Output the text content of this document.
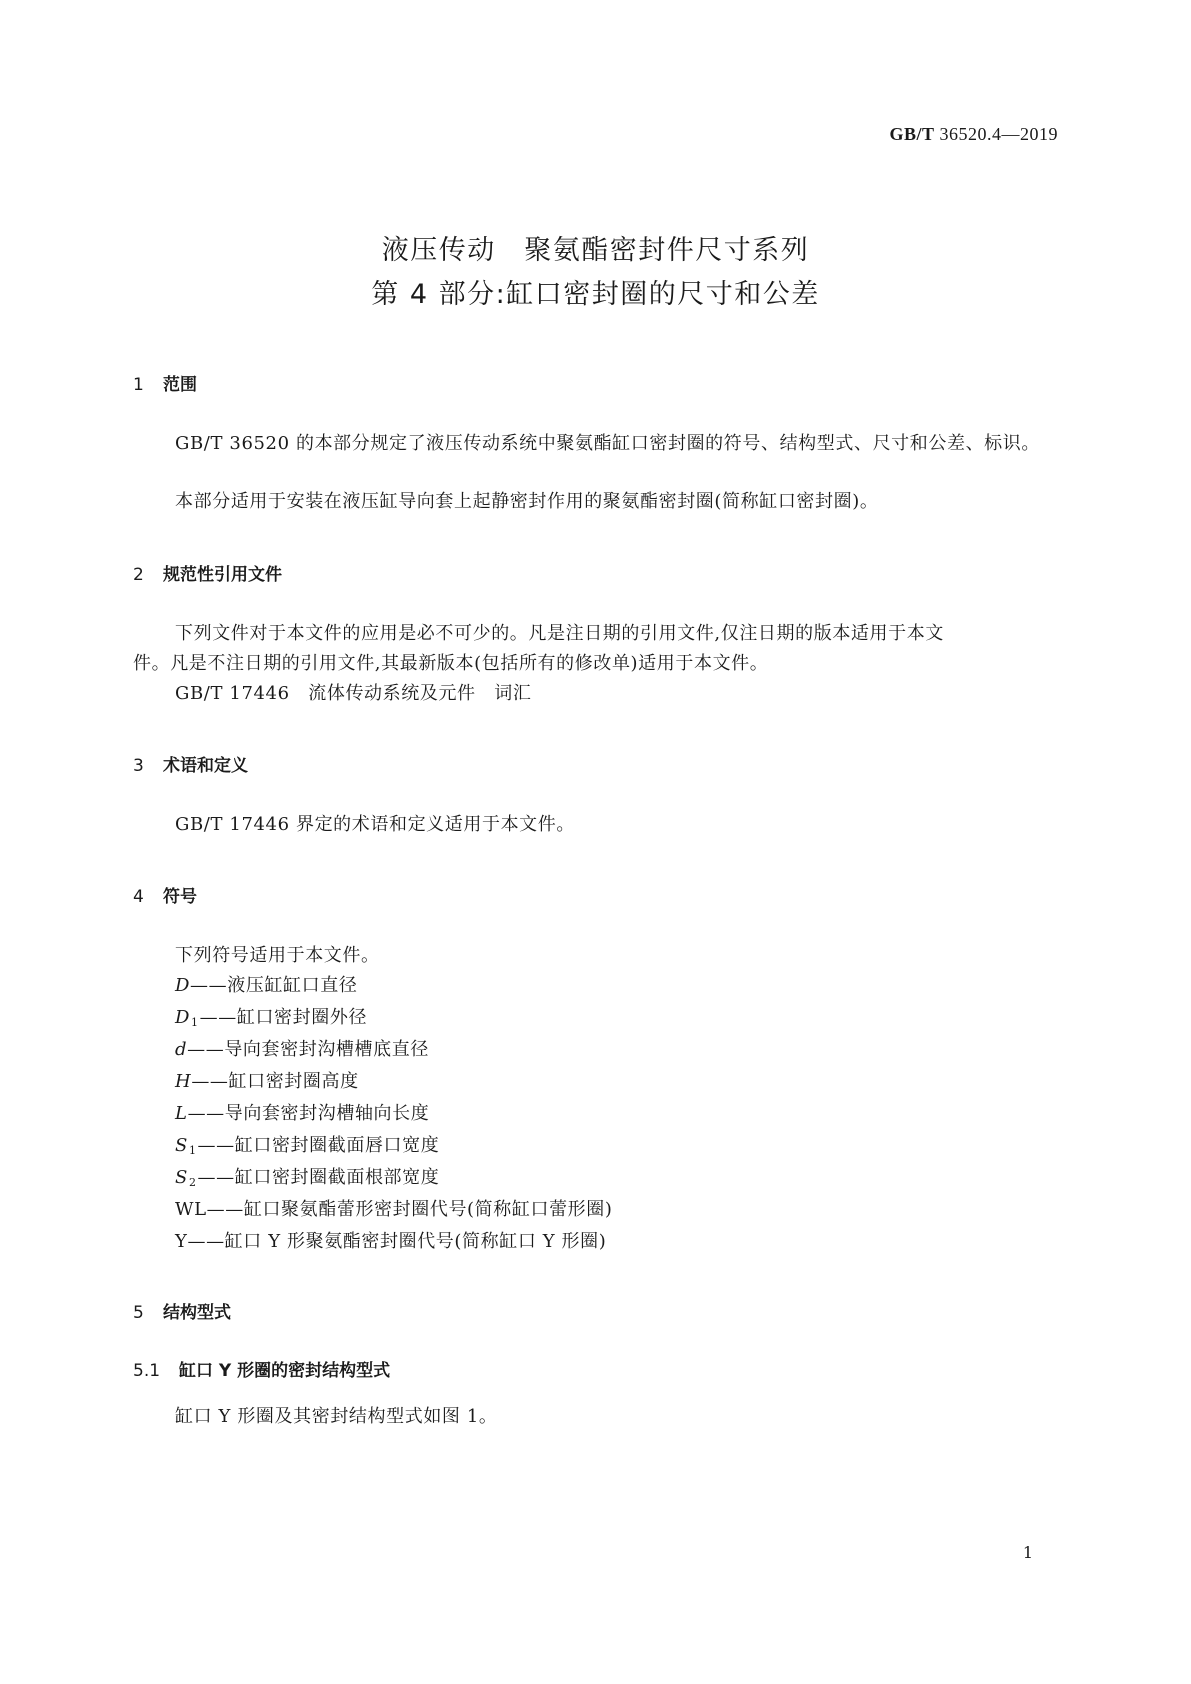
GB/T 36520.4—2019
液压传动　聚氨酯密封件尺寸系列
第 4 部分:缸口密封圈的尺寸和公差
1 范围
GB/T 36520 的本部分规定了液压传动系统中聚氨酯缸口密封圈的符号、结构型式、尺寸和公差、标识。
本部分适用于安装在液压缸导向套上起静密封作用的聚氨酯密封圈(简称缸口密封圈)。
2 规范性引用文件
下列文件对于本文件的应用是必不可少的。凡是注日期的引用文件,仅注日期的版本适用于本文
件。凡是不注日期的引用文件,其最新版本(包括所有的修改单)适用于本文件。
GB/T 17446　流体传动系统及元件　词汇
3 术语和定义
GB/T 17446 界定的术语和定义适用于本文件。
4 符号
下列符号适用于本文件。
D——液压缸缸口直径
$D_1——$缸口密封圈外径
d——导向套密封沟槽槽底直径
H——缸口密封圈高度
L——导向套密封沟槽轴向长度
$S_1——$缸口密封圈截面唇口宽度
$S_2——$缸口密封圈截面根部宽度
WL——缸口聚氨酯蕾形密封圈代号(简称缸口蕾形圈)
Y——缸口 Y 形聚氨酯密封圈代号(简称缸口 Y 形圈)
5 结构型式
5.1 缸口 Y 形圈的密封结构型式
缸口 Y 形圈及其密封结构型式如图 1。
1
